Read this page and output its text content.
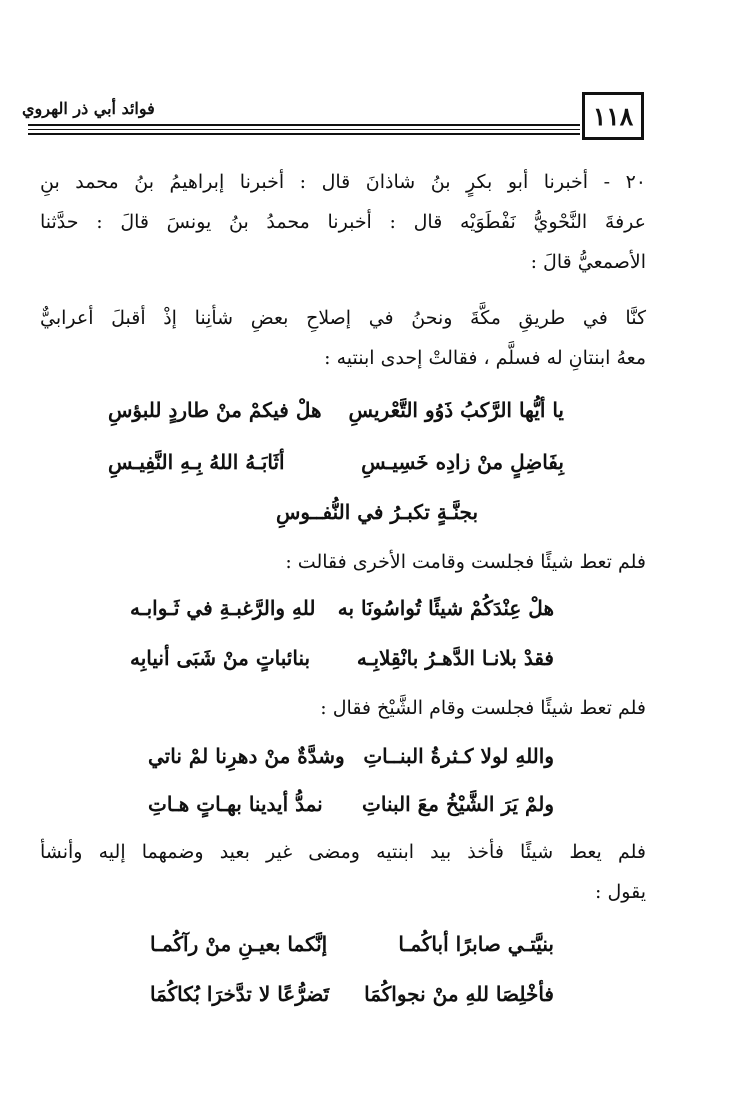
١١٨
فوائد أبي ذر الهروي
٢٠ - أخبرنا أبو بكرٍ بنُ شاذانَ قال : أخبرنا إبراهيمُ بنُ محمد بنِ
عرفةَ النَّحْويُّ نَفْطَوَيْه قال : أخبرنا محمدُ بنُ يونسَ قالَ : حدَّثنا
الأصمعيُّ قالَ :
كنَّا في طريقِ مكَّةَ ونحنُ في إصلاحِ بعضِ شأنِنا إذْ أقبلَ أعرابيٌّ
معهُ ابنتانِ له فسلَّم ، فقالتْ إحدى ابنتيه :
يا أيُّها الرَّكبُ ذَوُو التَّعْريسِ
هلْ فيكمْ منْ طاردٍ للبؤسِ
بِفَاضِلٍ منْ زادِه خَسِيـسِ
أثَابَـهُ اللهُ بِـهِ النَّفِيـسِ
بجنَّـةٍ تكبـرُ في النُّفــوسِ
فلم تعط شيئًا فجلست وقامت الأخرى فقالت :
هلْ عِنْدَكُمْ شيئًا تُواسُونَا به
للهِ والرَّغبـةِ في ثَـوابـه
فقدْ بلانـا الدَّهـرُ بانْقِلابِـه
بنائباتٍ منْ شَبَى أنيابِه
فلم تعط شيئًا فجلست وقام الشَّيْخ فقال :
واللهِ لولا كـثرةُ البنــاتِ
وشدَّةٌ منْ دهرِنا لمْ ناتي
ولمْ يَرَ الشَّيْخُ معَ البناتِ
نمدُّ أيدينا بهـاتٍ هـاتِ
فلم يعط شيئًا فأخذ بيد ابنتيه ومضى غير بعيد وضمهما إليه وأنشأ
يقول :
بنيَّتـي صابرًا أباكُمـا
إنَّكما بعيـنِ منْ رآكُمـا
فأخْلِصَا للهِ منْ نجواكُمَا
تَضرُّعًا لا تدَّخرَا بُكاكُمَا
